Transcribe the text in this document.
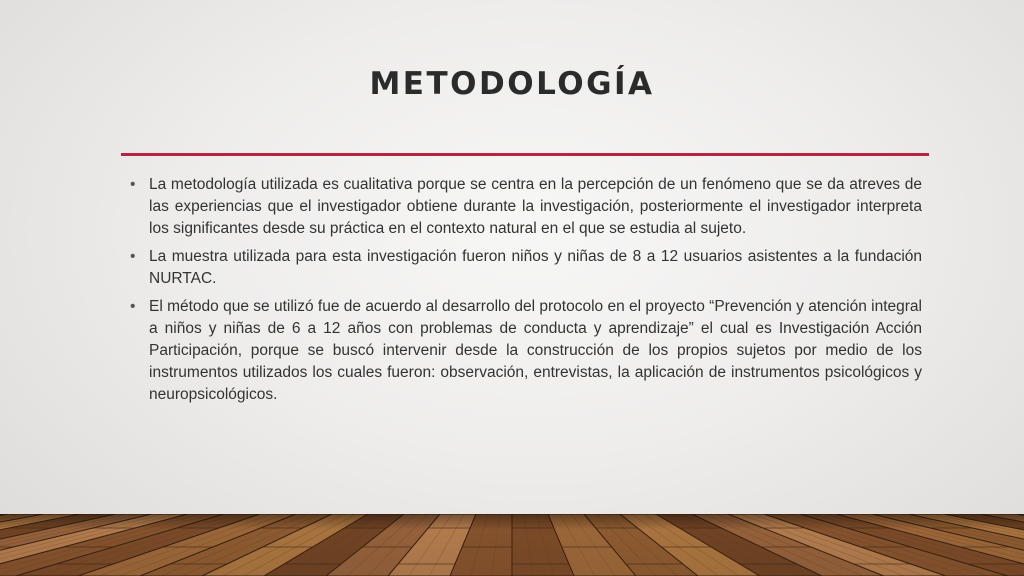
METODOLOGÍA
• La metodología utilizada es cualitativa porque se centra en la percepción de un fenómeno que se da atreves de las experiencias que el investigador obtiene durante la investigación, posteriormente el investigador interpreta los significantes desde su práctica en el contexto natural en el que se estudia al sujeto.
• La muestra utilizada para esta investigación fueron niños y niñas de 8 a 12 usuarios asistentes a la fundación NURTAC.
• El método que se utilizó fue de acuerdo al desarrollo del protocolo en el proyecto “Prevención y atención integral a niños y niñas de 6 a 12 años con problemas de conducta y aprendizaje” el cual es Investigación Acción Participación, porque se buscó intervenir desde la construcción de los propios sujetos por medio de los instrumentos utilizados los cuales fueron: observación, entrevistas, la aplicación de instrumentos psicológicos y neuropsicológicos.
